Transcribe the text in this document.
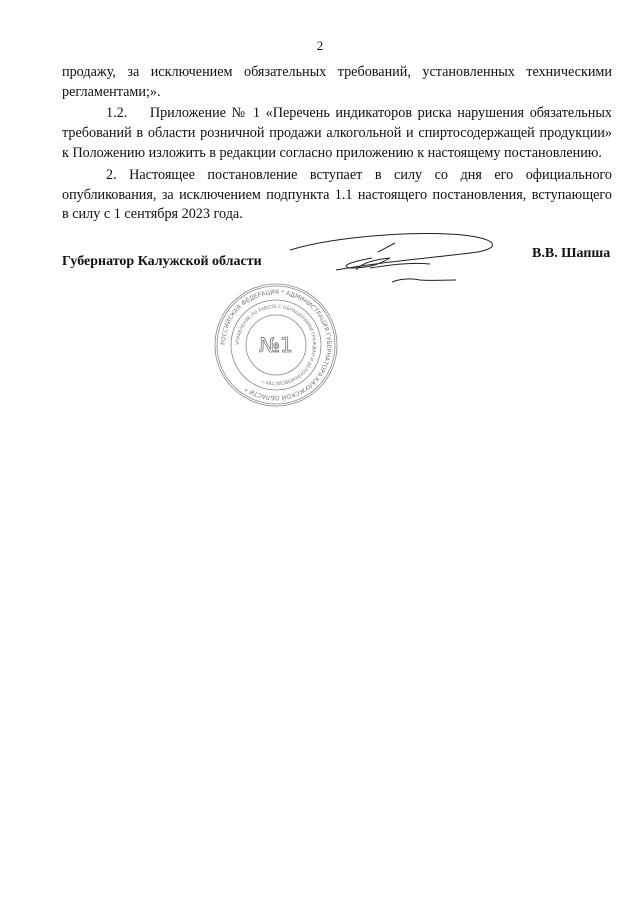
2
продажу, за исключением обязательных требований, установленных техническими
регламентами;».
1.2.    Приложение № 1 «Перечень индикаторов риска нарушения обязательных
требований в области розничной продажи алкогольной и спиртосодержащей продукции»
к Положению изложить в редакции согласно приложению к настоящему постановлению.
2. Настоящее постановление вступает в силу со дня его официального
опубликования, за исключением подпункта 1.1 настоящего постановления, вступающего
в силу с 1 сентября 2023 года.
Губернатор Калужской области
В.В. Шапша
РОССИЙСКАЯ ФЕДЕРАЦИЯ * АДМИНИСТРАЦИЯ ГУБЕРНАТОРА КАЛУЖСКОЙ ОБЛАСТИ *
УПРАВЛЕНИЕ ПО РАБОТЕ С ОБРАЩЕНИЯМИ ГРАЖДАН И ДЕЛОПРОИЗВОДСТВУ *
№1
